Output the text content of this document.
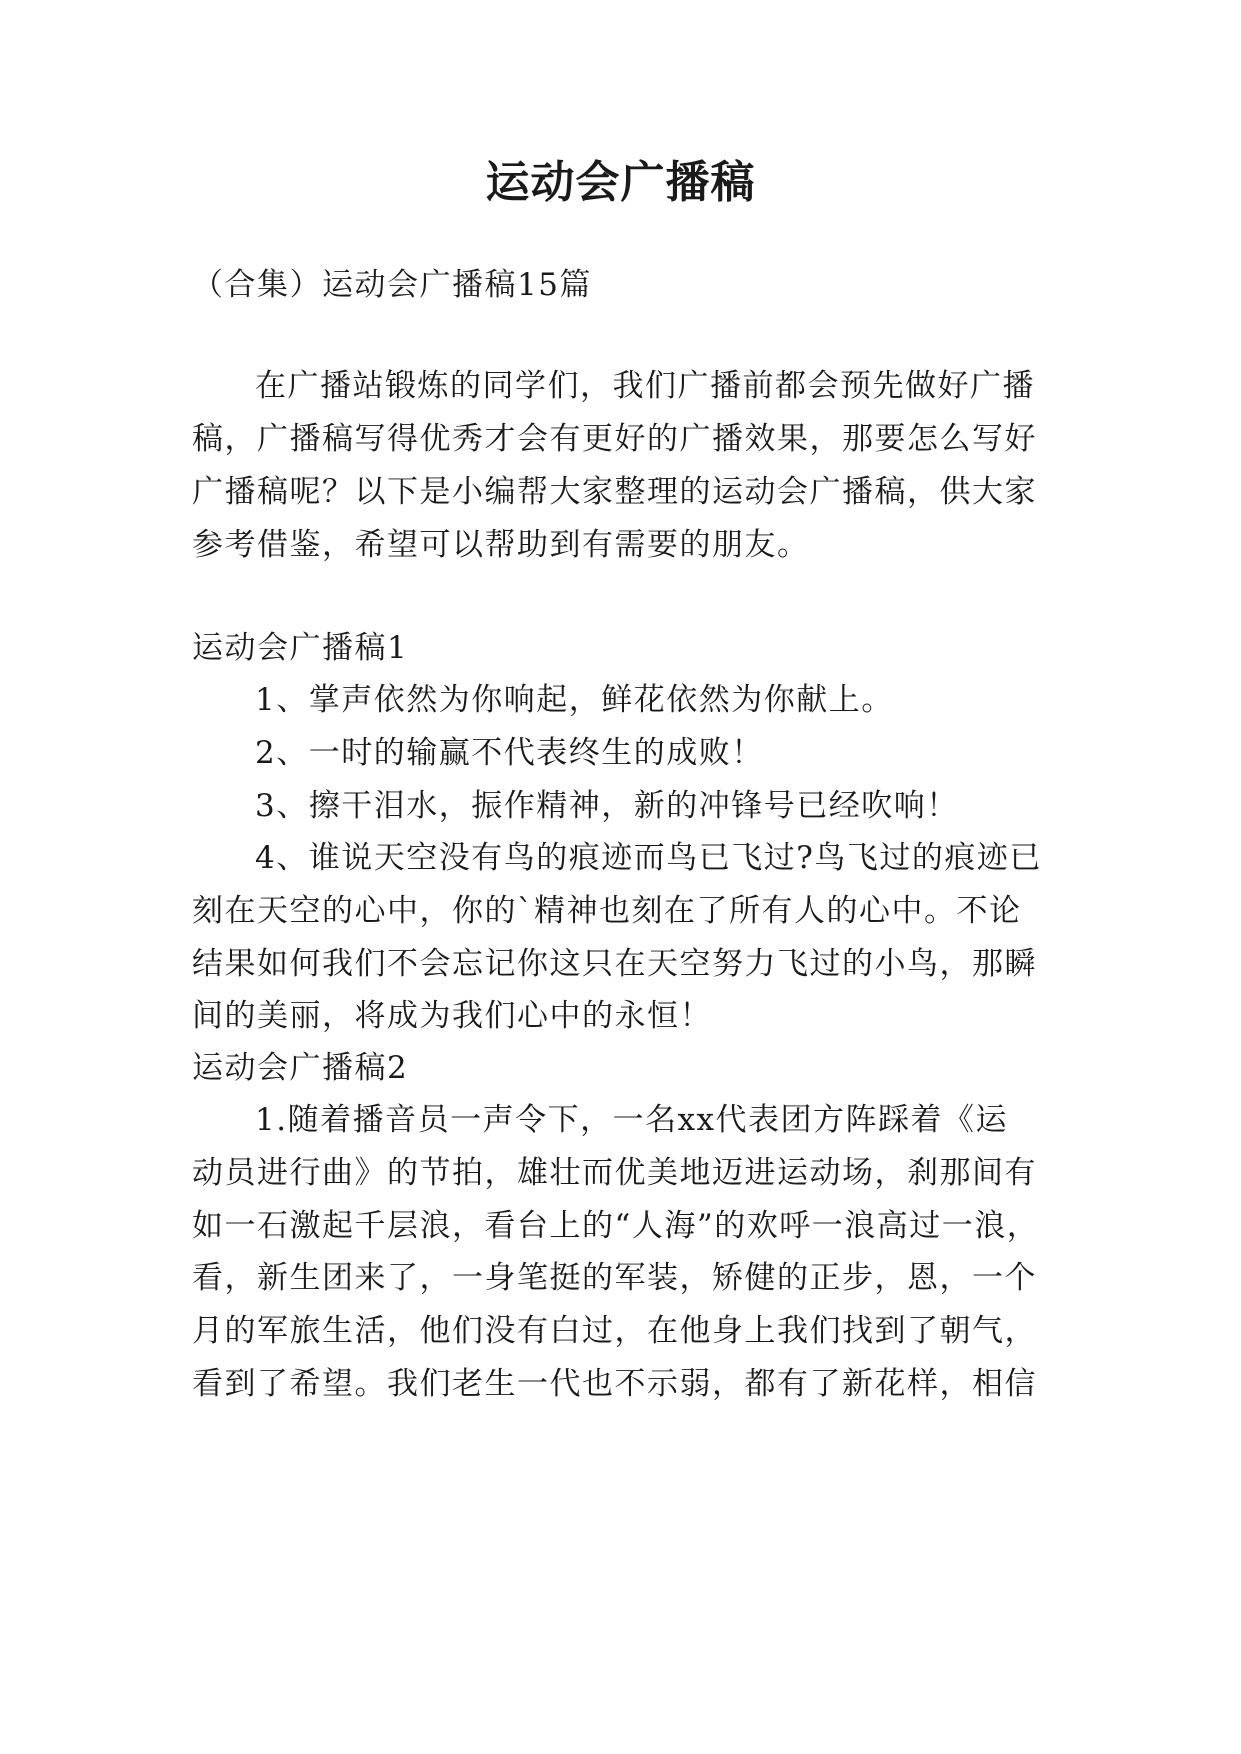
运动会广播稿
（合集）运动会广播稿15篇
在广播站锻炼的同学们，我们广播前都会预先做好广播
稿，广播稿写得优秀才会有更好的广播效果，那要怎么写好
广播稿呢？以下是小编帮大家整理的运动会广播稿，供大家
参考借鉴，希望可以帮助到有需要的朋友。
运动会广播稿1
1、掌声依然为你响起，鲜花依然为你献上。
2、一时的输赢不代表终生的成败！
3、擦干泪水，振作精神，新的冲锋号已经吹响！
4、谁说天空没有鸟的痕迹而鸟已飞过?鸟飞过的痕迹已
刻在天空的心中，你的`精神也刻在了所有人的心中。不论
结果如何我们不会忘记你这只在天空努力飞过的小鸟，那瞬
间的美丽，将成为我们心中的永恒！
运动会广播稿2
1.随着播音员一声令下，一名xx代表团方阵踩着《运
动员进行曲》的节拍，雄壮而优美地迈进运动场，刹那间有
如一石激起千层浪，看台上的“人海”的欢呼一浪高过一浪，
看，新生团来了，一身笔挺的军装，矫健的正步，恩，一个
月的军旅生活，他们没有白过，在他身上我们找到了朝气，
看到了希望。我们老生一代也不示弱，都有了新花样，相信
